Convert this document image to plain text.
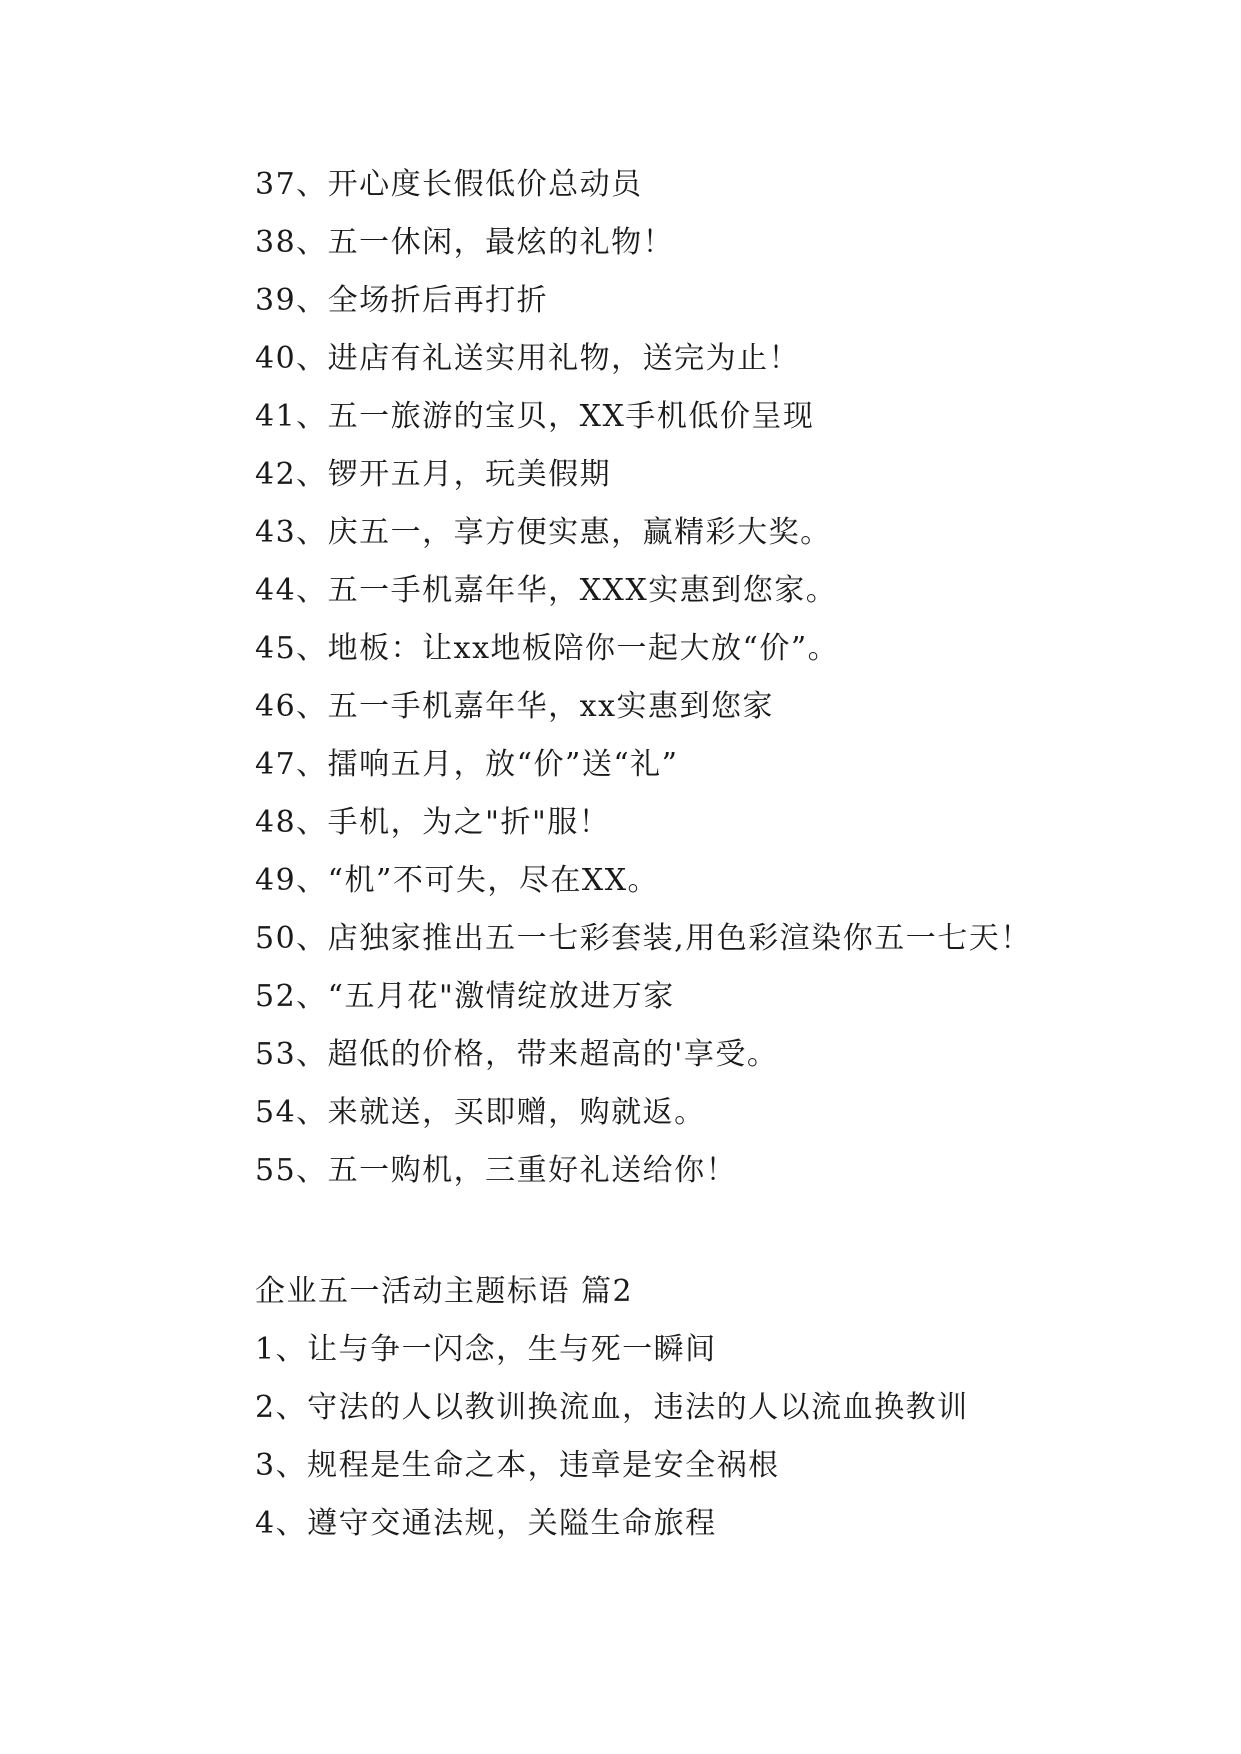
37、开心度长假低价总动员
38、五一休闲，最炫的礼物！
39、全场折后再打折
40、进店有礼送实用礼物，送完为止！
41、五一旅游的宝贝，XX手机低价呈现
42、锣开五月，玩美假期
43、庆五一，享方便实惠，赢精彩大奖。
44、五一手机嘉年华，XXX实惠到您家。
45、地板：让xx地板陪你一起大放“价”。
46、五一手机嘉年华，xx实惠到您家
47、擂响五月，放“价”送“礼”
48、手机，为之"折"服！
49、“机”不可失，尽在XX。
50、店独家推出五一七彩套装,用色彩渲染你五一七天！
52、“五月花"激情绽放进万家
53、超低的价格，带来超高的'享受。
54、来就送，买即赠，购就返。
55、五一购机，三重好礼送给你！
企业五一活动主题标语 篇2
1、让与争一闪念，生与死一瞬间
2、守法的人以教训换流血，违法的人以流血换教训
3、规程是生命之本，违章是安全祸根
4、遵守交通法规，关隘生命旅程
